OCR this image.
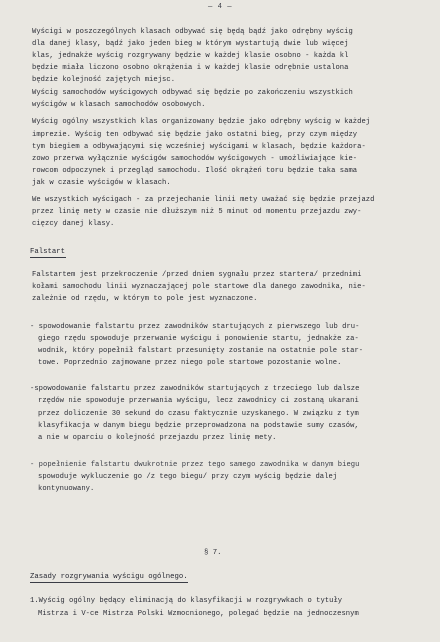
— 4 —
Wyścigi w poszczególnych klasach odbywać się będą bądź jako odrębny wyścig
dla danej klasy, bądź jako jeden bieg w którym wystartują dwie lub więcej
klas, jednakże wyścig rozgrywany będzie w każdej klasie osobno - każda kl
będzie miała liczono osobno okrążenia i w każdej klasie odrębnie ustalona
będzie kolejność zajętych miejsc.
Wyścig samochodów wyścigowych odbywać się będzie po zakończeniu wszystkich
wyścigów w klasach samochodów osobowych.
Wyścig ogólny wszystkich klas organizowany będzie jako odrębny wyścig w każdej
imprezie. Wyścig ten odbywać się będzie jako ostatni bieg, przy czym między
tym biegiem a odbywającymi się wcześniej wyścigami w klasach, będzie każdora-
zowo przerwa wyłącznie wyścigów samochodów wyścigowych - umożliwiające kie-
rowcom odpoczynek i przegląd samochodu. Ilość okrążeń toru będzie taka sama
jak w czasie wyścigów w klasach.
We wszystkich wyścigach - za przejechanie linii mety uważać się będzie przejazd
przez linię mety w czasie nie dłuższym niż 5 minut od momentu przejazdu zwy-
cięzcy danej klasy.
Falstart
Falstartem jest przekroczenie /przed dniem sygnału przez startera/ przednimi
kołami samochodu linii wyznaczającej pole startowe dla danego zawodnika, nie-
zależnie od rzędu, w którym to pole jest wyznaczone.
- spowodowanie falstartu przez zawodników startujących z pierwszego lub dru-
giego rzędu spowoduje przerwanie wyścigu i ponowienie startu, jednakże za-
wodnik, który popełnił falstart przesunięty zostanie na ostatnie pole star-
towe. Poprzednio zajmowane przez niego pole startowe pozostanie wolne.
-spowodowanie falstartu przez zawodników startujących z trzeciego lub dalsze
rzędów nie spowoduje przerwania wyścigu, lecz zawodnicy ci zostaną ukarani
przez doliczenie 30 sekund do czasu faktycznie uzyskanego. W związku z tym
klasyfikacja w danym biegu będzie przeprowadzona na podstawie sumy czasów,
a nie w oparciu o kolejność przejazdu przez linię mety.
- popełnienie falstartu dwukrotnie przez tego samego zawodnika w danym biegu
spowoduje wykluczenie go /z tego biegu/ przy czym wyścig będzie dalej
kontynuowany.
§ 7.
Zasady rozgrywania wyścigu ogólnego.
1.Wyścig ogólny będący eliminacją do klasyfikacji w rozgrywkach o tytuły
Mistrza i V-ce Mistrza Polski Wzmocnionego, polegać będzie na jednoczesnym
